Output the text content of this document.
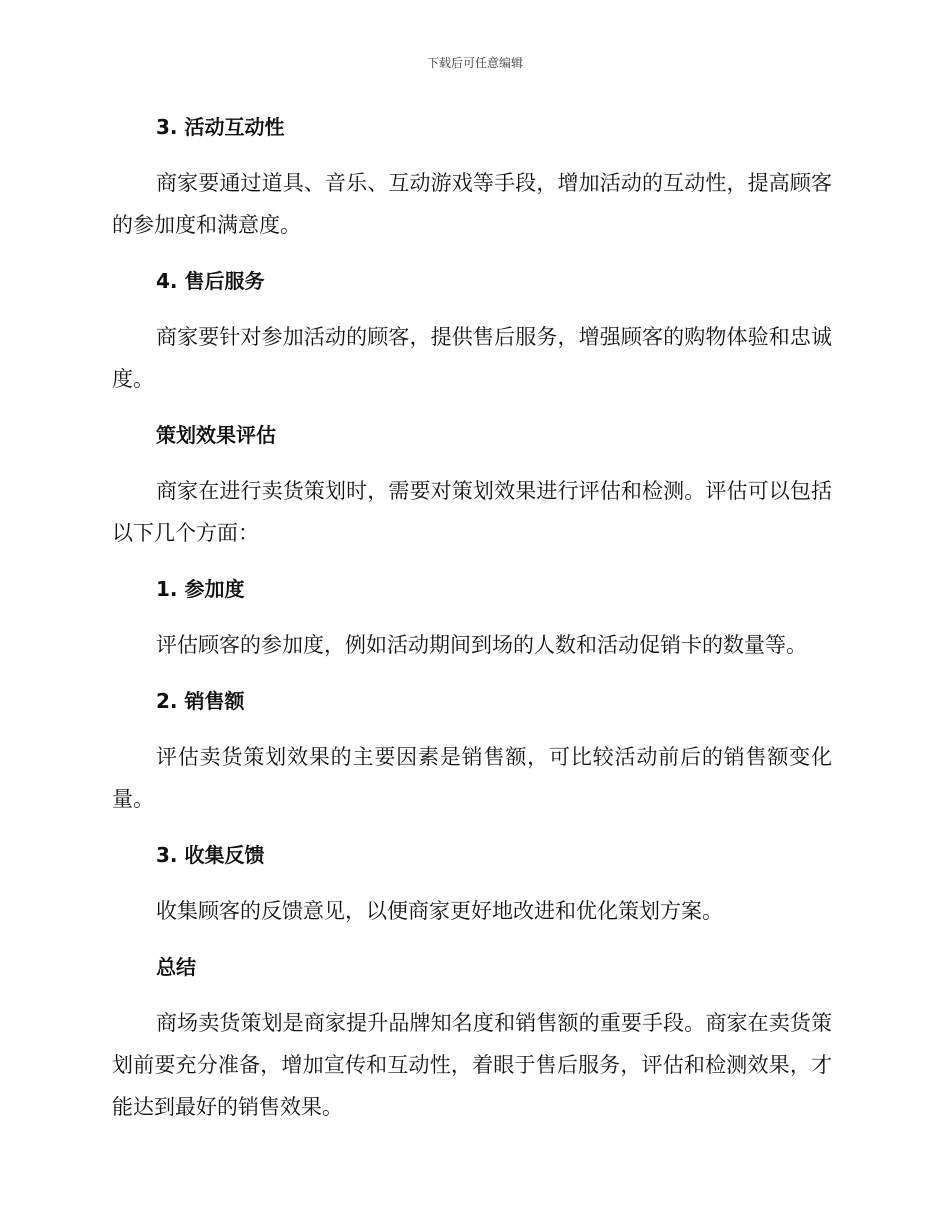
下载后可任意编辑

3. 活动互动性

商家要通过道具、音乐、互动游戏等手段，增加活动的互动性，提高顾客的参加度和满意度。

4. 售后服务

商家要针对参加活动的顾客，提供售后服务，增强顾客的购物体验和忠诚度。

策划效果评估

商家在进行卖货策划时，需要对策划效果进行评估和检测。评估可以包括以下几个方面：

1. 参加度

评估顾客的参加度，例如活动期间到场的人数和活动促销卡的数量等。

2. 销售额

评估卖货策划效果的主要因素是销售额，可比较活动前后的销售额变化量。

3. 收集反馈

收集顾客的反馈意见，以便商家更好地改进和优化策划方案。

总结

商场卖货策划是商家提升品牌知名度和销售额的重要手段。商家在卖货策划前要充分准备，增加宣传和互动性，着眼于售后服务，评估和检测效果，才能达到最好的销售效果。
